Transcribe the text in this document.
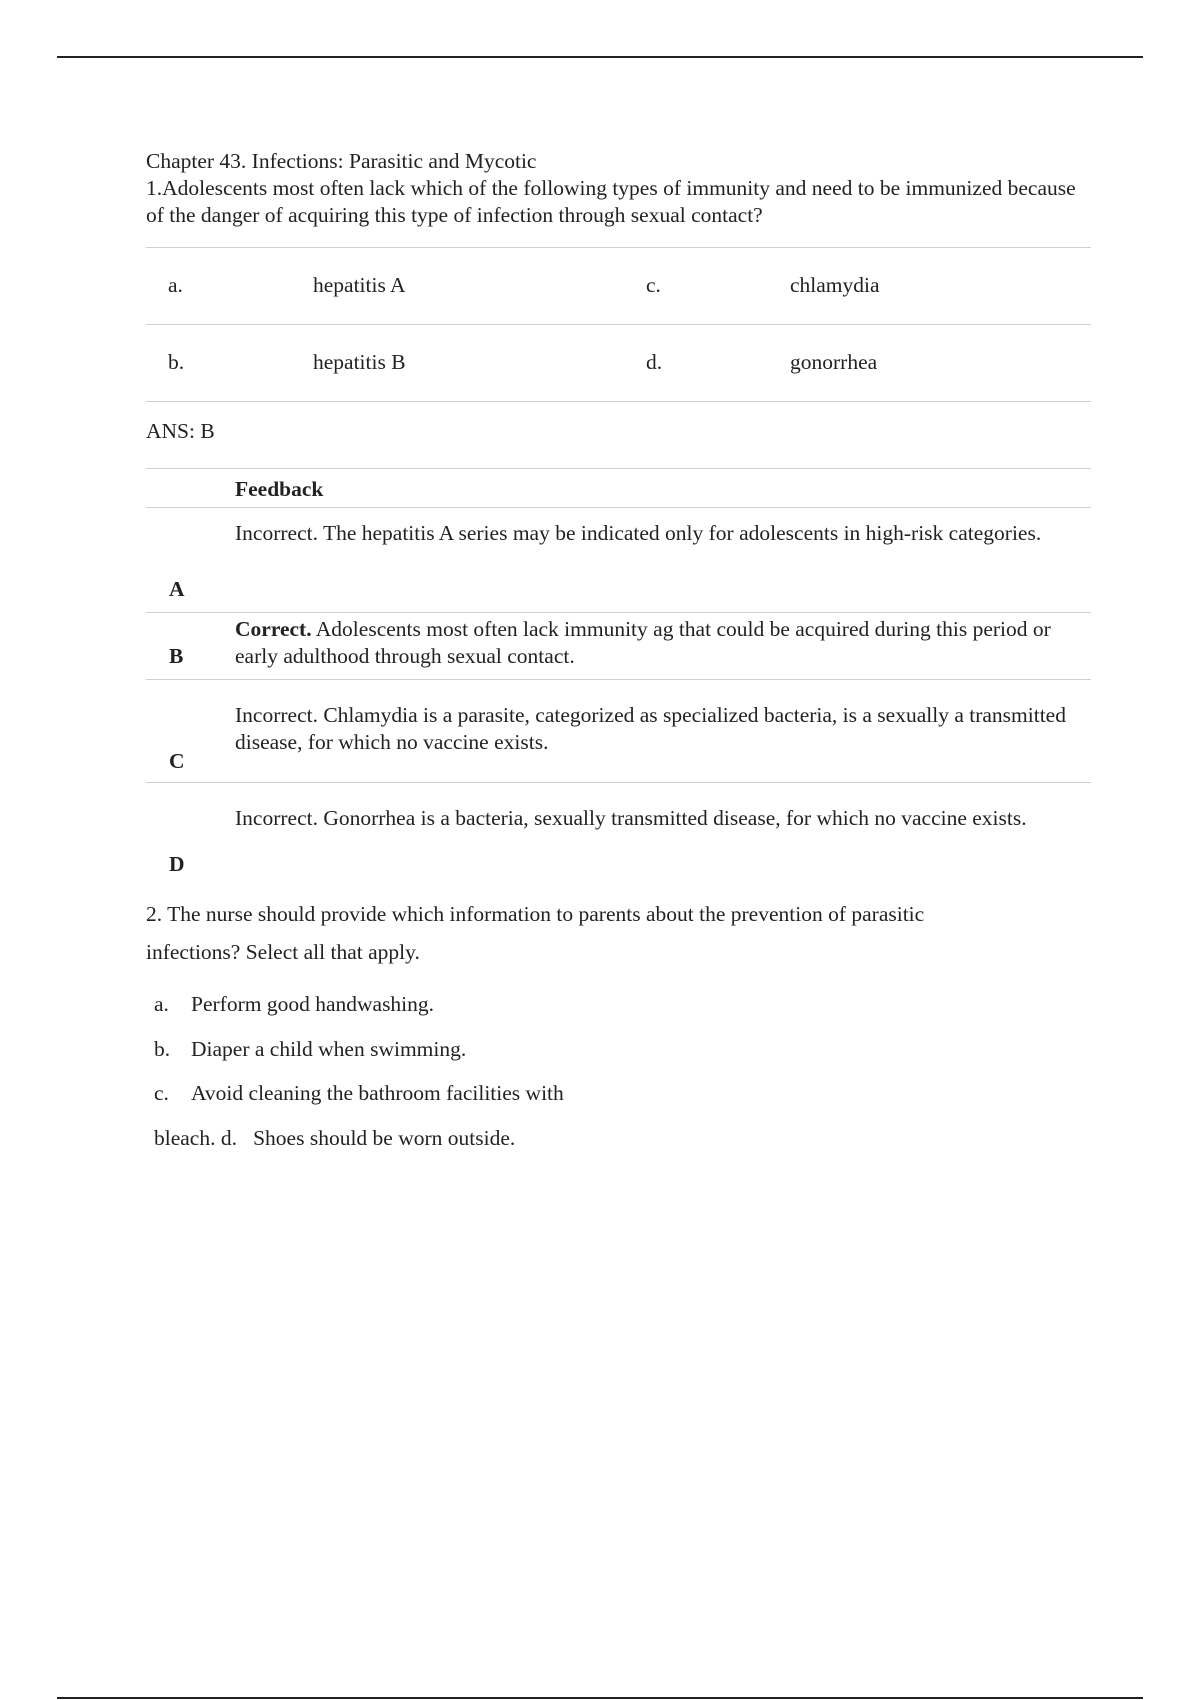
Chapter 43. Infections: Parasitic and Mycotic

1.Adolescents most often lack which of the following types of immunity and need to be immunized because of the danger of acquiring this type of infection through sexual contact?

a.	hepatitis A	c.	chlamydia
b.	hepatitis B	d.	gonorrhea
ANS: B
Feedback
A
Incorrect. The hepatitis A series may be indicated only for adolescents in high-risk categories.
B
Correct. Adolescents most often lack immunity ag that could be acquired during this period or early adulthood through sexual contact.
C
Incorrect. Chlamydia is a parasite, categorized as specialized bacteria, is a sexually a transmitted disease, for which no vaccine exists.
D
Incorrect. Gonorrhea is a bacteria, sexually transmitted disease, for which no vaccine exists.
2. The nurse should provide which information to parents about the prevention of parasitic infections? Select all that apply.
a. Perform good handwashing.
b. Diaper a child when swimming.
c. Avoid cleaning the bathroom facilities with
bleach. d.   Shoes should be worn outside.
